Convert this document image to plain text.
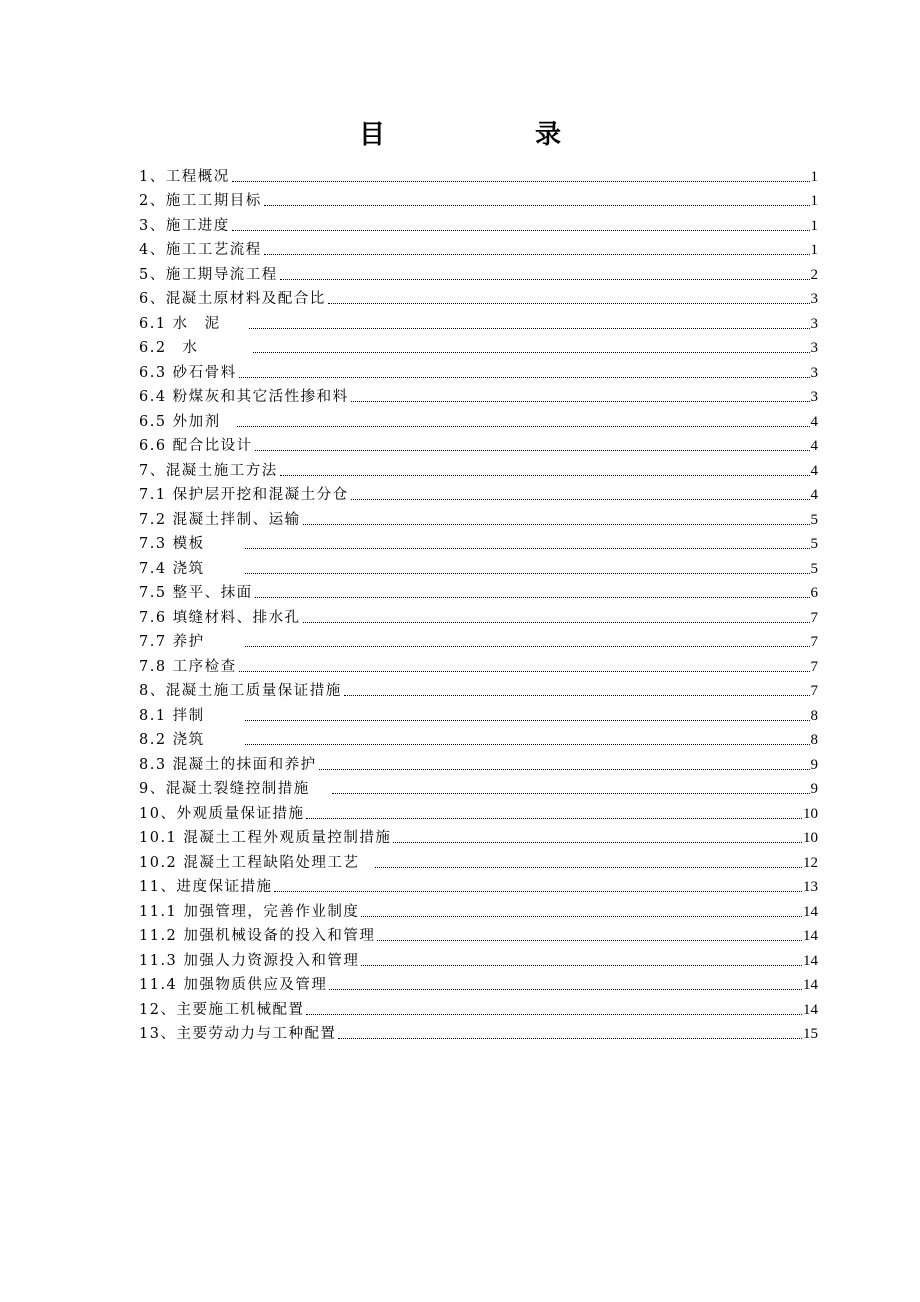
目　录
1、工程概况	1
2、施工工期目标	1
3、施工进度	1
4、施工工艺流程	1
5、施工期导流工程	2
6、混凝土原材料及配合比	3
6.1 水　泥	3
6.2　水	3
6.3 砂石骨料	3
6.4 粉煤灰和其它活性掺和料	3
6.5 外加剂	4
6.6 配合比设计	4
7、混凝土施工方法	4
7.1 保护层开挖和混凝土分仓	4
7.2 混凝土拌制、运输	5
7.3 模板	5
7.4 浇筑	5
7.5 整平、抹面	6
7.6 填缝材料、排水孔	7
7.7 养护	7
7.8 工序检查	7
8、混凝土施工质量保证措施	7
8.1 拌制	8
8.2 浇筑	8
8.3 混凝土的抹面和养护	9
9、混凝土裂缝控制措施	9
10、外观质量保证措施	10
10.1 混凝土工程外观质量控制措施	10
10.2 混凝土工程缺陷处理工艺	12
11、进度保证措施	13
11.1 加强管理，完善作业制度	14
11.2 加强机械设备的投入和管理	14
11.3 加强人力资源投入和管理	14
11.4 加强物质供应及管理	14
12、主要施工机械配置	14
13、主要劳动力与工种配置	15
